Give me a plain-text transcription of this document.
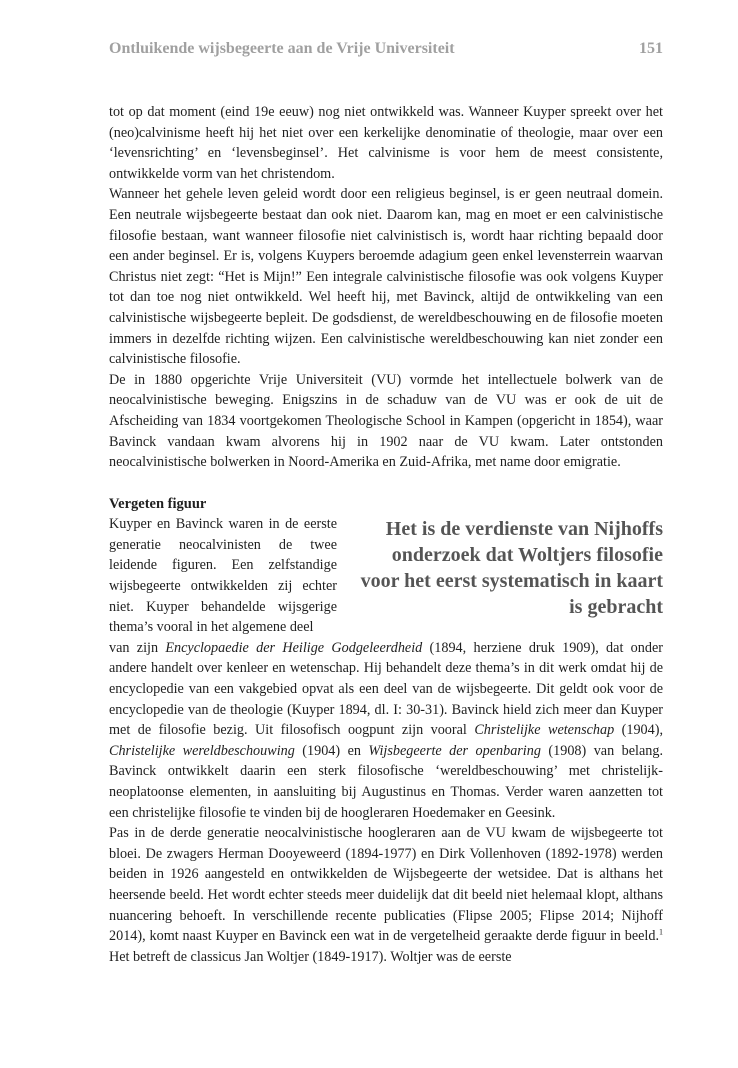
Ontluikende wijsbegeerte aan de Vrije Universiteit	151

tot op dat moment (eind 19e eeuw) nog niet ontwikkeld was. Wanneer Kuyper spreekt over het (neo)calvinisme heeft hij het niet over een kerkelijke denominatie of theologie, maar over een ‘levensrichting’ en ‘levensbeginsel’. Het calvinisme is voor hem de meest consistente, ontwikkelde vorm van het christendom.

Wanneer het gehele leven geleid wordt door een religieus beginsel, is er geen neutraal domein. Een neutrale wijsbegeerte bestaat dan ook niet. Daarom kan, mag en moet er een calvinistische filosofie bestaan, want wanneer filosofie niet calvinistisch is, wordt haar richting bepaald door een ander beginsel. Er is, volgens Kuypers beroemde adagium geen enkel levensterrein waarvan Christus niet zegt: “Het is Mijn!” Een integrale calvinistische filosofie was ook volgens Kuyper tot dan toe nog niet ontwikkeld. Wel heeft hij, met Bavinck, altijd de ontwikkeling van een calvinistische wijsbegeerte bepleit. De godsdienst, de wereldbeschouwing en de filosofie moeten immers in dezelfde richting wijzen. Een calvinistische wereldbeschouwing kan niet zonder een calvinistische filosofie.

De in 1880 opgerichte Vrije Universiteit (VU) vormde het intellectuele bolwerk van de neocalvinistische beweging. Enigszins in de schaduw van de VU was er ook de uit de Afscheiding van 1834 voortgekomen Theologische School in Kampen (opgericht in 1854), waar Bavinck vandaan kwam alvorens hij in 1902 naar de VU kwam. Later ontstonden neocalvinistische bolwerken in Noord-Amerika en Zuid-Afrika, met name door emigratie.

Vergeten figuur
Het is de verdienste van Nijhoffs onderzoek dat Woltjers filosofie voor het eerst systematisch in kaart is gebracht
Kuyper en Bavinck waren in de eerste generatie neocalvinisten de twee leidende figuren. Een zelfstandige wijsbegeerte ontwikkelden zij echter niet. Kuyper behandelde wijsgerige thema’s vooral in het algemene deel

van zijn Encyclopaedie der Heilige Godgeleerdheid (1894, herziene druk 1909), dat onder andere handelt over kenleer en wetenschap. Hij behandelt deze thema’s in dit werk omdat hij de encyclopedie van een vakgebied opvat als een deel van de wijsbegeerte. Dit geldt ook voor de encyclopedie van de theologie (Kuyper 1894, dl. I: 30-31). Bavinck hield zich meer dan Kuyper met de filosofie bezig. Uit filosofisch oogpunt zijn vooral Christelijke wetenschap (1904), Christelijke wereldbeschouwing (1904) en Wijsbegeerte der openbaring (1908) van belang. Bavinck ontwikkelt daarin een sterk filosofische ‘wereldbeschouwing’ met christelijk-neoplatoonse elementen, in aansluiting bij Augustinus en Thomas. Verder waren aanzetten tot een christelijke filosofie te vinden bij de hoogleraren Hoedemaker en Geesink.

Pas in de derde generatie neocalvinistische hoogleraren aan de VU kwam de wijsbegeerte tot bloei. De zwagers Herman Dooyeweerd (1894-1977) en Dirk Vollenhoven (1892-1978) werden beiden in 1926 aangesteld en ontwikkelden de Wijsbegeerte der wetsidee. Dat is althans het heersende beeld. Het wordt echter steeds meer duidelijk dat dit beeld niet helemaal klopt, althans nuancering behoeft. In verschillende recente publicaties (Flipse 2005; Flipse 2014; Nijhoff 2014), komt naast Kuyper en Bavinck een wat in de vergetelheid geraakte derde figuur in beeld.$^1$ Het betreft de classicus Jan Woltjer (1849-1917). Woltjer was de eerste
